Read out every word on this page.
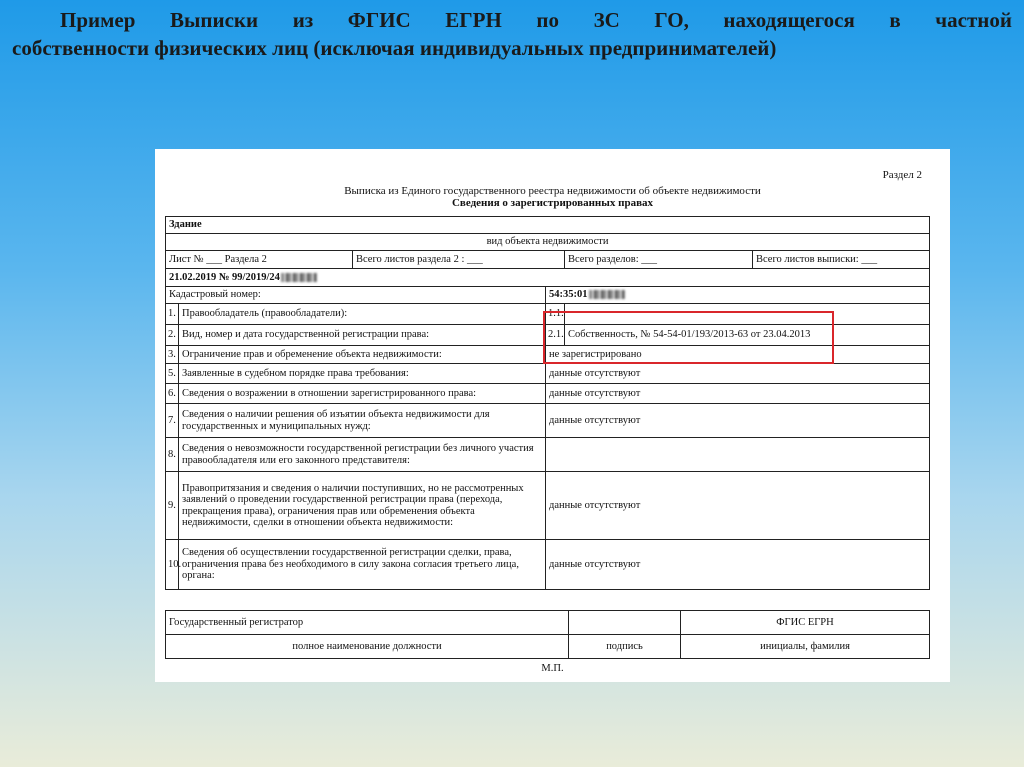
Пример Выписки из ФГИС ЕГРН по ЗС ГО, находящегося в частной
собственности физических лиц (исключая индивидуальных предпринимателей)
Раздел 2
Выписка из Единого государственного реестра недвижимости об объекте недвижимости
Сведения о зарегистрированных правах
Здание					
вид объекта недвижимости					
Лист № ___ Раздела 2		Всего листов раздела 2 : ___		Всего разделов: ___	Всего листов выписки: ___
21.02.2019 № 99/2019/24					
Кадастровый номер:			54:35:01		
1.	Правообладатель (правообладатели):		1.1.		
2.	Вид, номер и дата государственной регистрации права:		2.1.	Собственность, № 54-54-01/193/2013-63 от 23.04.2013	
3.	Ограничение прав и обременение объекта недвижимости:		не зарегистрировано		
5.	Заявленные в судебном порядке права требования:		данные отсутствуют		
6.	Сведения о возражении в отношении зарегистрированного права:		данные отсутствуют		
7.	Сведения о наличии решения об изъятии объекта недвижимости для
государственных и муниципальных нужд:		данные отсутствуют		
8.	Сведения о невозможности государственной регистрации без личного участия
правообладателя или его законного представителя:				

9.	Правопритязания и сведения о наличии поступивших, но не рассмотренных
заявлений о проведении государственной регистрации права (перехода,
прекращения права), ограничения прав или обременения объекта
недвижимости, сделки в отношении объекта недвижимости:		данные отсутствуют		
10.	Сведения об осуществлении государственной регистрации сделки, права,
ограничения права без необходимого в силу закона согласия третьего лица,
органа:		данные отсутствуют		
Государственный регистратор		ФГИС ЕГРН
полное наименование должности	подпись	инициалы, фамилия
М.П.
